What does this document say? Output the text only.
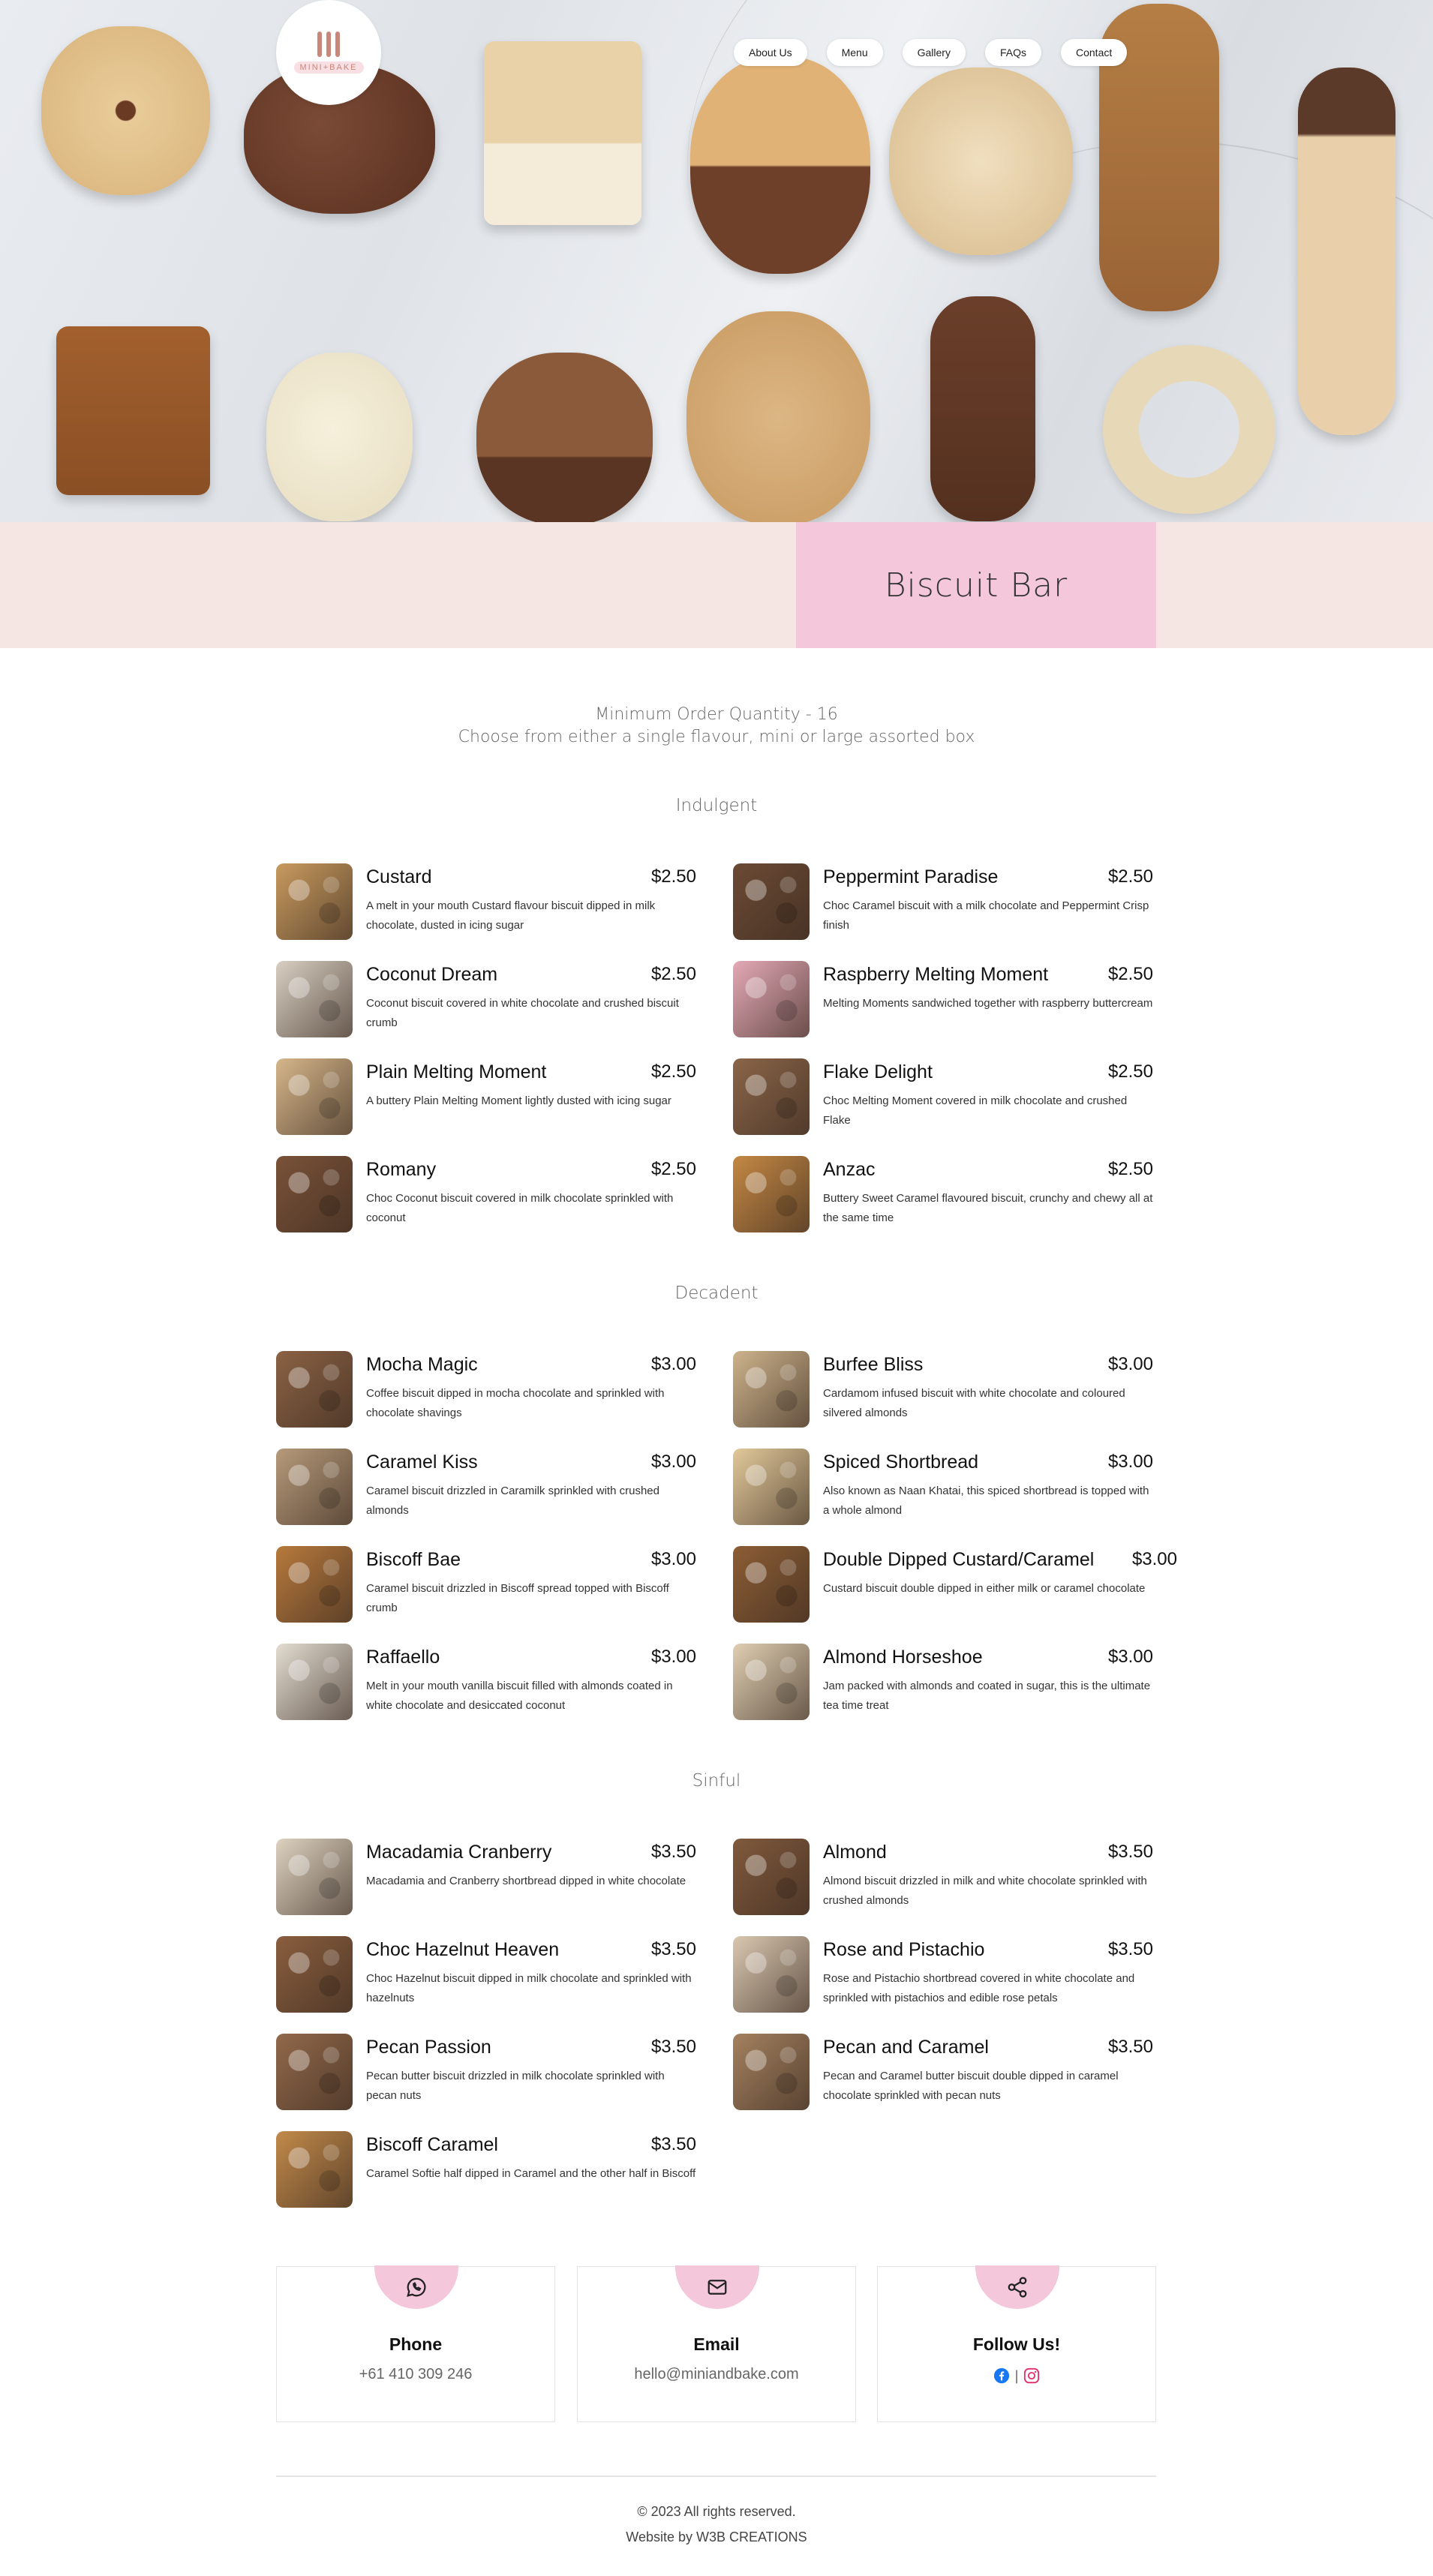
MINI+BAKE
About Us	Menu	Gallery	FAQs	Contact
Biscuit Bar

Minimum Order Quantity - 16

Choose from either a single flavour, mini or large assorted box

Indulgent
Custard	$2.50
A melt in your mouth Custard flavour biscuit dipped in milk chocolate, dusted in icing sugar
Peppermint Paradise	$2.50
Choc Caramel biscuit with a milk chocolate and Peppermint Crisp finish
Coconut Dream	$2.50
Coconut biscuit covered in white chocolate and crushed biscuit crumb
Raspberry Melting Moment	$2.50
Melting Moments sandwiched together with raspberry buttercream
Plain Melting Moment	$2.50
A buttery Plain Melting Moment lightly dusted with icing sugar
Flake Delight	$2.50
Choc Melting Moment covered in milk chocolate and crushed Flake
Romany	$2.50
Choc Coconut biscuit covered in milk chocolate sprinkled with coconut
Anzac	$2.50
Buttery Sweet Caramel flavoured biscuit, crunchy and chewy all at the same time
Decadent
Mocha Magic	$3.00
Coffee biscuit dipped in mocha chocolate and sprinkled with chocolate shavings
Burfee Bliss	$3.00
Cardamom infused biscuit with white chocolate and coloured silvered almonds
Caramel Kiss	$3.00
Caramel biscuit drizzled in Caramilk sprinkled with crushed almonds
Spiced Shortbread	$3.00
Also known as Naan Khatai, this spiced shortbread is topped with a whole almond
Biscoff Bae	$3.00
Caramel biscuit drizzled in Biscoff spread topped with Biscoff crumb
Double Dipped Custard/Caramel $3.00
Custard biscuit double dipped in either milk or caramel chocolate
Raffaello	$3.00
Melt in your mouth vanilla biscuit filled with almonds coated in white chocolate and desiccated coconut
Almond Horseshoe	$3.00
Jam packed with almonds and coated in sugar, this is the ultimate tea time treat
Sinful
Macadamia Cranberry	$3.50
Macadamia and Cranberry shortbread dipped in white chocolate
Almond	$3.50
Almond biscuit drizzled in milk and white chocolate sprinkled with crushed almonds
Choc Hazelnut Heaven	$3.50
Choc Hazelnut biscuit dipped in milk chocolate and sprinkled with hazelnuts
Rose and Pistachio	$3.50
Rose and Pistachio shortbread covered in white chocolate and sprinkled with pistachios and edible rose petals
Pecan Passion	$3.50
Pecan butter biscuit drizzled in milk chocolate sprinkled with pecan nuts
Pecan and Caramel	$3.50
Pecan and Caramel butter biscuit double dipped in caramel chocolate sprinkled with pecan nuts
Biscoff Caramel	$3.50
Caramel Softie half dipped in Caramel and the other half in Biscoff
Phone
+61 410 309 246
Email
hello@miniandbake.com
Follow Us!
|
© 2023 All rights reserved.
Website by W3B CREATIONS
